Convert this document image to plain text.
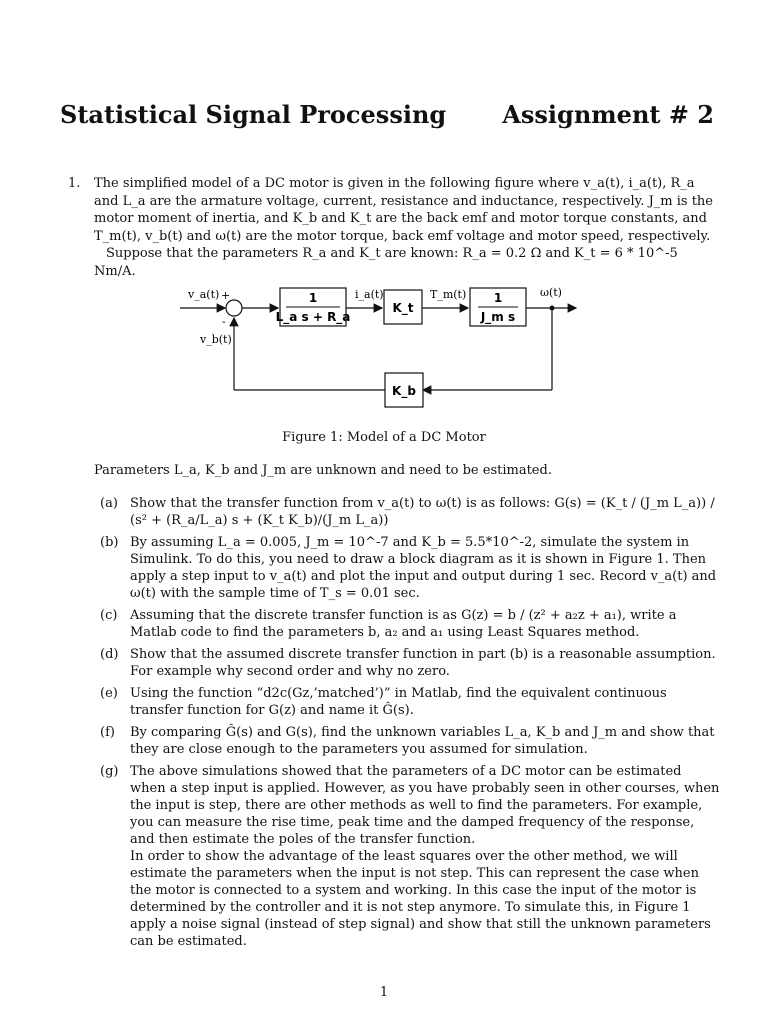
Statistical Signal Processing Assignment # 2
1. The simplified model of a DC motor is given in the following figure where v_a(t), i_a(t), R_a and L_a are the armature voltage, current, resistance and inductance, respectively. J_m is the motor moment of inertia, and K_b and K_t are the back emf and motor torque constants, and T_m(t), v_b(t) and ω(t) are the motor torque, back emf voltage and motor speed, respectively.

Suppose that the parameters R_a and K_t are known: R_a = 0.2 Ω and K_t = 6 * 10^-5 Nm/A.

v_a(t) +
-
1
L_a s + R_a
i_a(t)
K_t
T_m(t) 1
J_m s
ω(t)
K_b
v_b(t)
Figure 1: Model of a DC Motor
Parameters L_a, K_b and J_m are unknown and need to be estimated.
(a) Show that the transfer function from v_a(t) to ω(t) is as follows: G(s) = (K_t / (J_m L_a)) / (s² + (R_a/L_a) s + (K_t K_b)/(J_m L_a))
(b) By assuming L_a = 0.005, J_m = 10^-7 and K_b = 5.5*10^-2, simulate the system in Simulink. To do this, you need to draw a block diagram as it is shown in Figure 1. Then apply a step input to v_a(t) and plot the input and output during 1 sec. Record v_a(t) and ω(t) with the sample time of T_s = 0.01 sec.
(c) Assuming that the discrete transfer function is as G(z) = b / (z² + a₂z + a₁), write a Matlab code to find the parameters b, a₂ and a₁ using Least Squares method.
(d) Show that the assumed discrete transfer function in part (b) is a reasonable assumption. For example why second order and why no zero.
(e) Using the function “d2c(Gz,’matched’)” in Matlab, find the equivalent continuous transfer function for G(z) and name it Ĝ(s).
(f) By comparing Ĝ(s) and G(s), find the unknown variables L_a, K_b and J_m and show that they are close enough to the parameters you assumed for simulation.
(g) The above simulations showed that the parameters of a DC motor can be estimated when a step input is applied. However, as you have probably seen in other courses, when the input is step, there are other methods as well to find the parameters. For example, you can measure the rise time, peak time and the damped frequency of the response, and then estimate the poles of the transfer function.
In order to show the advantage of the least squares over the other method, we will estimate the parameters when the input is not step. This can represent the case when the motor is connected to a system and working. In this case the input of the motor is determined by the controller and it is not step anymore. To simulate this, in Figure 1 apply a noise signal (instead of step signal) and show that still the unknown parameters can be estimated.
1
